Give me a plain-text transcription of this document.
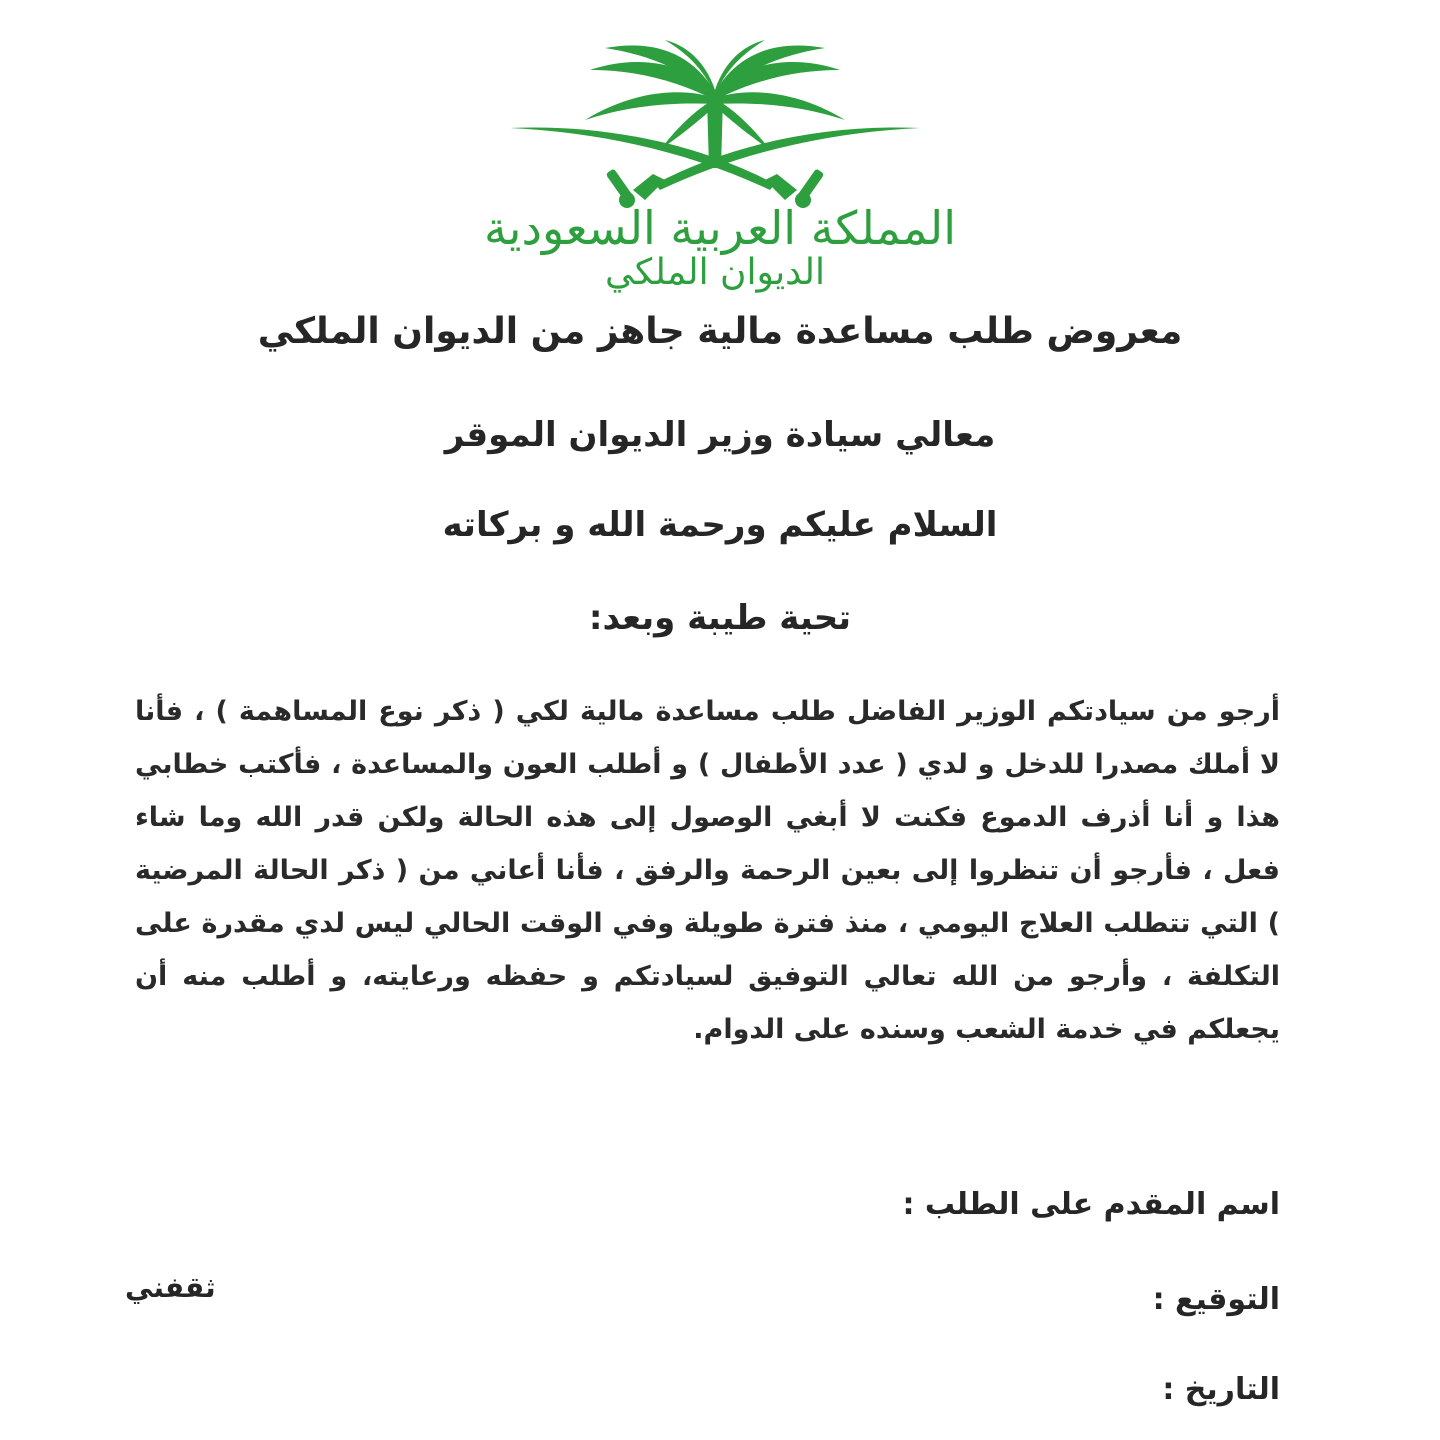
المملكة العربية السعودية
الديوان الملكي
معروض طلب مساعدة مالية جاهز من الديوان الملكي
معالي سيادة وزير الديوان الموقر
السلام عليكم ورحمة الله و بركاته
تحية طيبة وبعد:

أرجو من سيادتكم الوزير الفاضل طلب مساعدة مالية لكي ( ذكر نوع المساهمة ) ، فأنا لا أملك مصدرا للدخل و لدي ( عدد الأطفال ) و أطلب العون والمساعدة ، فأكتب خطابي هذا و أنا أذرف الدموع فكنت لا أبغي الوصول إلى هذه الحالة ولكن قدر الله وما شاء فعل ، فأرجو أن تنظروا إلى بعين الرحمة والرفق ، فأنا أعاني من ( ذكر الحالة المرضية ) التي تتطلب العلاج اليومي ، منذ فترة طويلة وفي الوقت الحالي ليس لدي مقدرة على التكلفة ، وأرجو من الله تعالي التوفيق لسيادتكم و حفظه ورعايته، و أطلب منه أن يجعلكم في خدمة الشعب وسنده على الدوام.

اسم المقدم على الطلب :
التوقيع :
التاريخ :
ثقفني
